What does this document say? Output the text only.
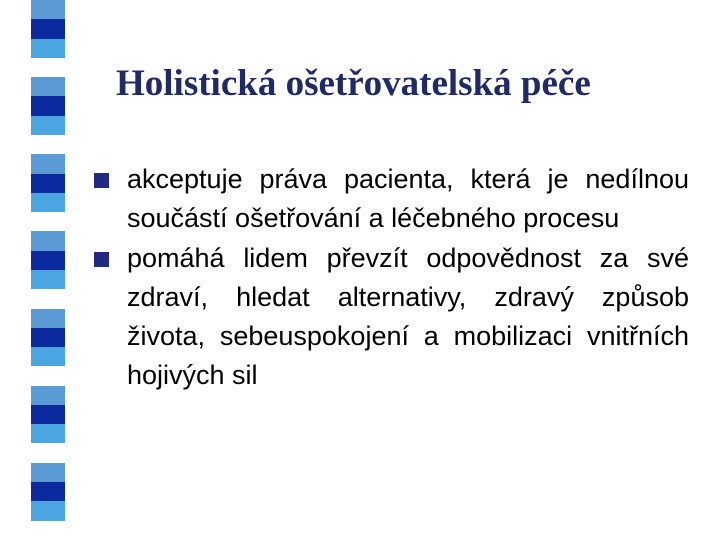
Holistická ošetřovatelská péče
akceptuje práva pacienta, která je nedílnou součástí ošetřování a léčebného procesu
pomáhá lidem převzít odpovědnost za své zdraví, hledat alternativy, zdravý způsob života, sebeuspokojení a mobilizaci vnitřních hojivých sil
